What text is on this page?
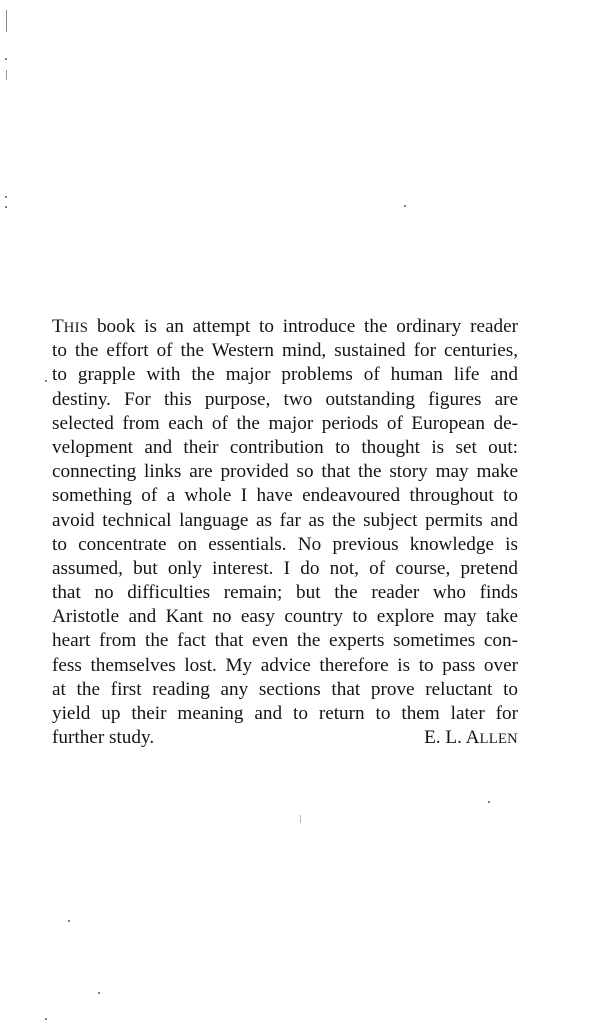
THIS book is an attempt to introduce the ordinary reader
to the effort of the Western mind, sustained for centuries,
to grapple with the major problems of human life and
destiny. For this purpose, two outstanding figures are
selected from each of the major periods of European de-
velopment and their contribution to thought is set out:
connecting links are provided so that the story may make
something of a whole I have endeavoured throughout to
avoid technical language as far as the subject permits and
to concentrate on essentials. No previous knowledge is
assumed, but only interest. I do not, of course, pretend
that no difficulties remain; but the reader who finds
Aristotle and Kant no easy country to explore may take
heart from the fact that even the experts sometimes con-
fess themselves lost. My advice therefore is to pass over
at the first reading any sections that prove reluctant to
yield up their meaning and to return to them later for
further study.	E. L. ALLEN
